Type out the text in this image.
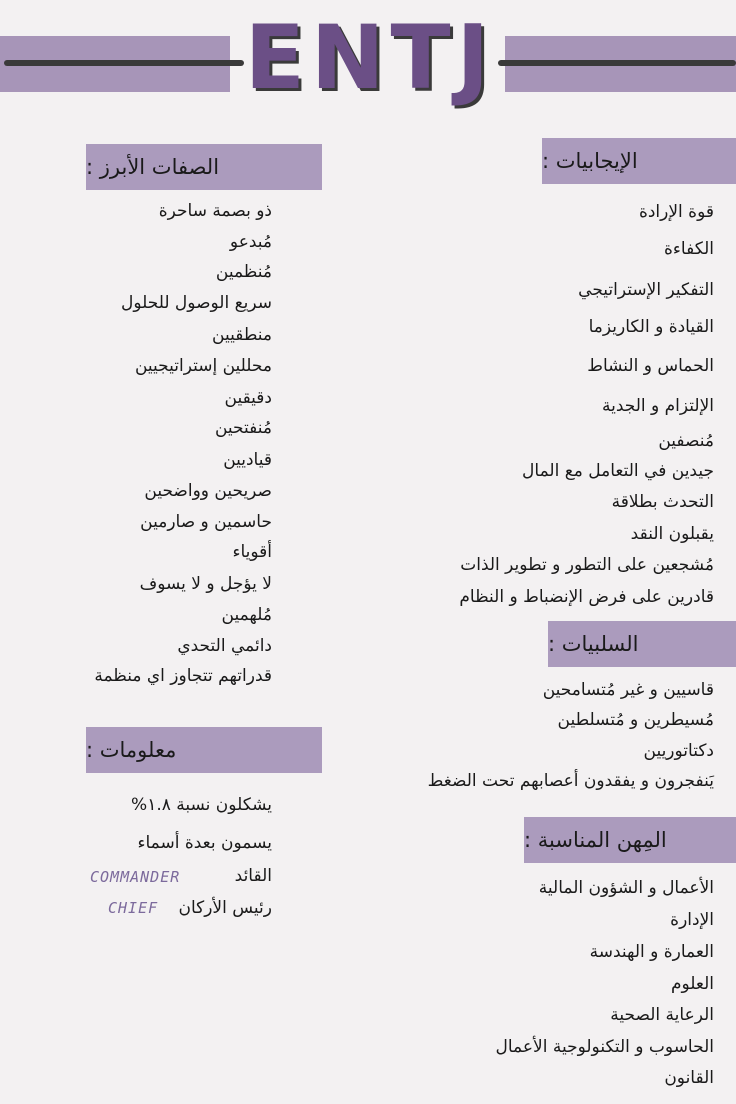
ENTJ
الإيجابيات :
قوة الإرادة
الكفاءة
التفكير الإستراتيجي
القيادة و الكاريزما
الحماس و النشاط
الإلتزام و الجدية
مُنصفين
جيدين في التعامل مع المال
التحدث بطلاقة
يقبلون النقد
مُشجعين على التطور و تطوير الذات
قادرين على فرض الإنضباط و النظام
السلبيات :
قاسيين و غير مُتسامحين
مُسيطرين و مُتسلطين
دكتاتوريين
يَنفجرون و يفقدون أعصابهم تحت الضغط
المِهن المناسبة :
الأعمال و الشؤون المالية
الإدارة
العمارة و الهندسة
العلوم
الرعاية الصحية
الحاسوب و التكنولوجية الأعمال
القانون
الصفات الأبرز :
ذو بصمة ساحرة
مُبدعو
مُنظمين
سريع الوصول للحلول
منطقيين
محللين إستراتيجيين
دقيقين
مُنفتحين
قياديين
صريحين وواضحين
حاسمين و صارمين
أقوياء
لا يؤجل و لا يسوف
مُلهمين
دائمي التحدي
قدراتهم تتجاوز اي منظمة
معلومات :
يشكلون نسبة ١.٨%
يسمون بعدة أسماء
القائد
رئيس الأركان
COMMANDER
CHIEF
